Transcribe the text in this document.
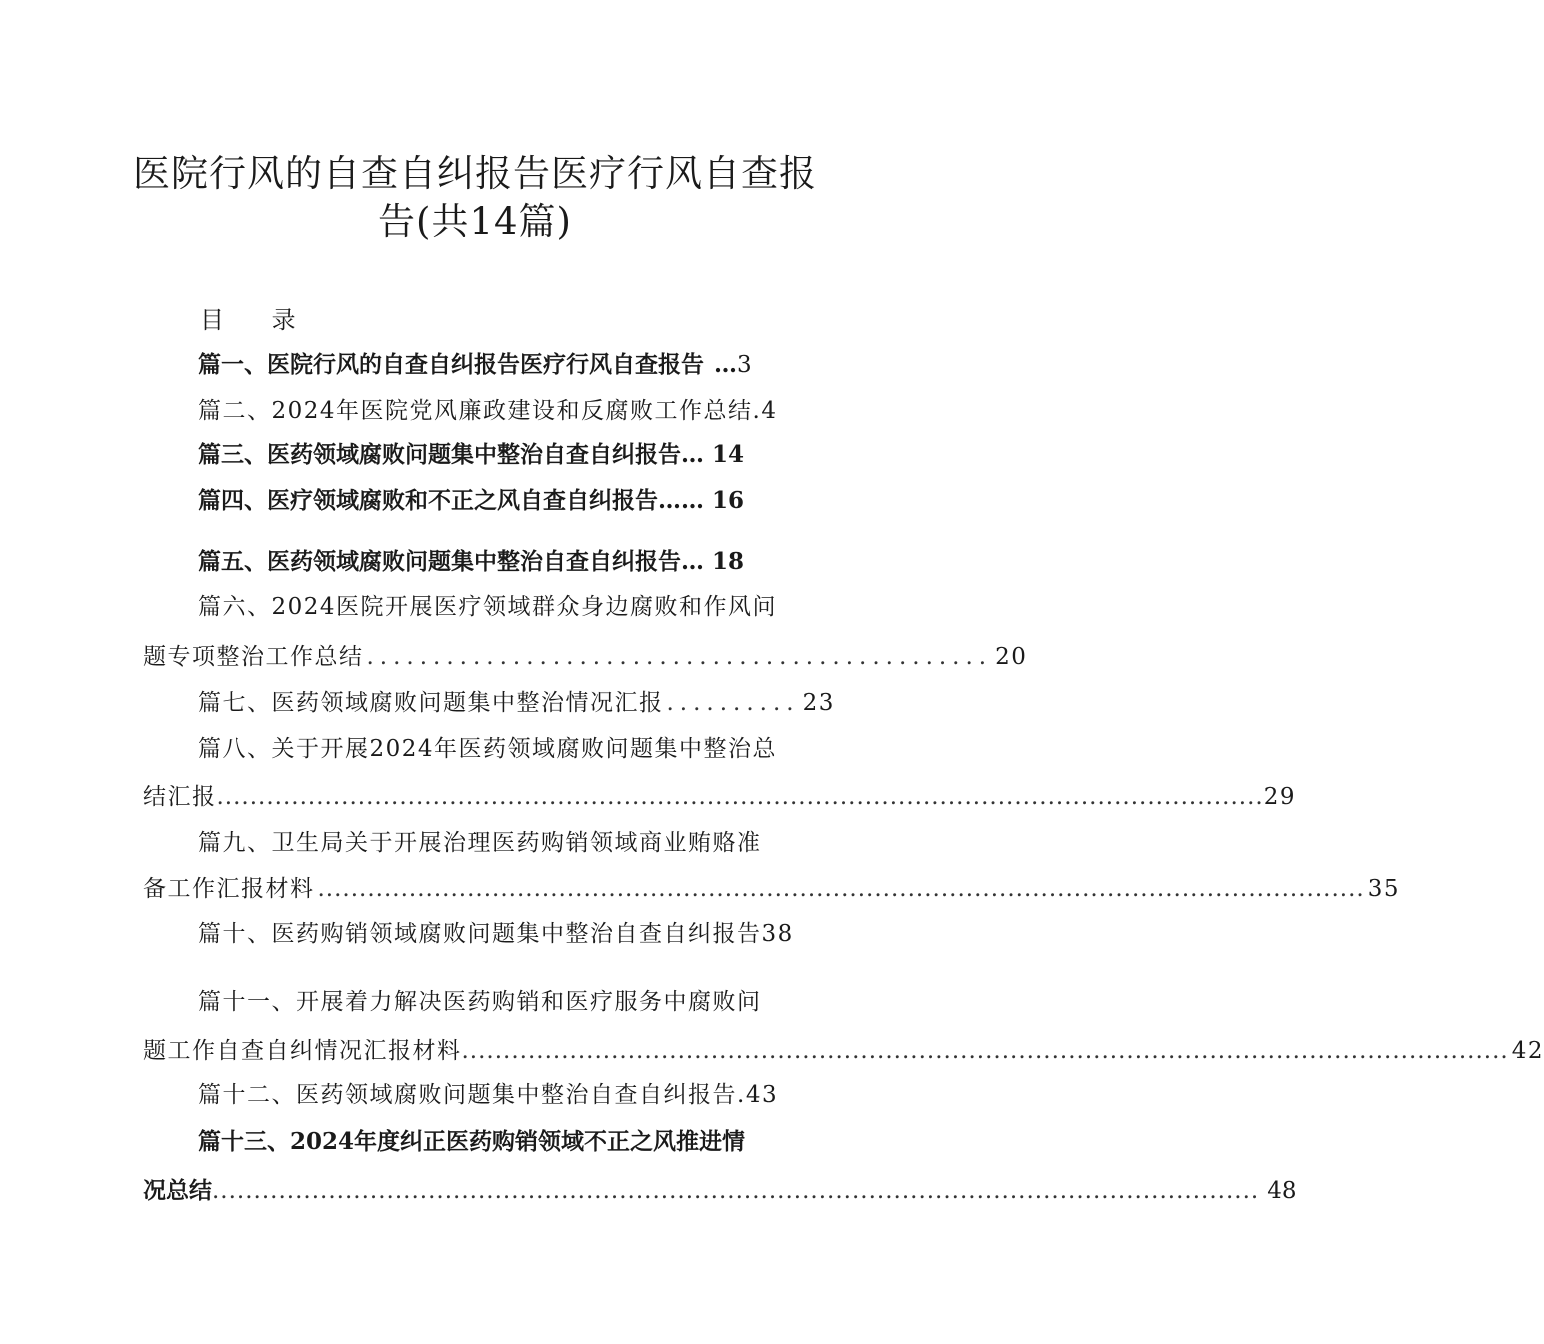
医院行风的自查自纠报告医疗行风自查报
告(共14篇)
目 录
篇一、医院行风的自查自纠报告医疗行风自查报告 … 3
篇二、2024年医院党风廉政建设和反腐败工作总结 . 4
篇三、医药领域腐败问题集中整治自查自纠报告 … 14
篇四、医疗领域腐败和不正之风自查自纠报告 …… 16
篇五、医药领域腐败问题集中整治自查自纠报告 … 18
篇六、2024医院开展医疗领域群众身边腐败和作风问
题专项整治工作总结 ............................................... 20
篇七、医药领域腐败问题集中整治情况汇报 .......... 23
篇八、关于开展2024年医药领域腐败问题集中整治总
结汇报 .............................................................................................................................. 29
篇九、卫生局关于开展治理医药购销领域商业贿赂准
备工作汇报材料 .............................................................................................................................. 35
篇十、医药购销领域腐败问题集中整治自查自纠报告 38
篇十一、开展着力解决医药购销和医疗服务中腐败问
题工作自查自纠情况汇报材料 .............................................................................................................................. 42
篇十二、医药领域腐败问题集中整治自查自纠报告 . 43
篇十三、2024年度纠正医药购销领域不正之风推进情
况总结 .............................................................................................................................. 48
